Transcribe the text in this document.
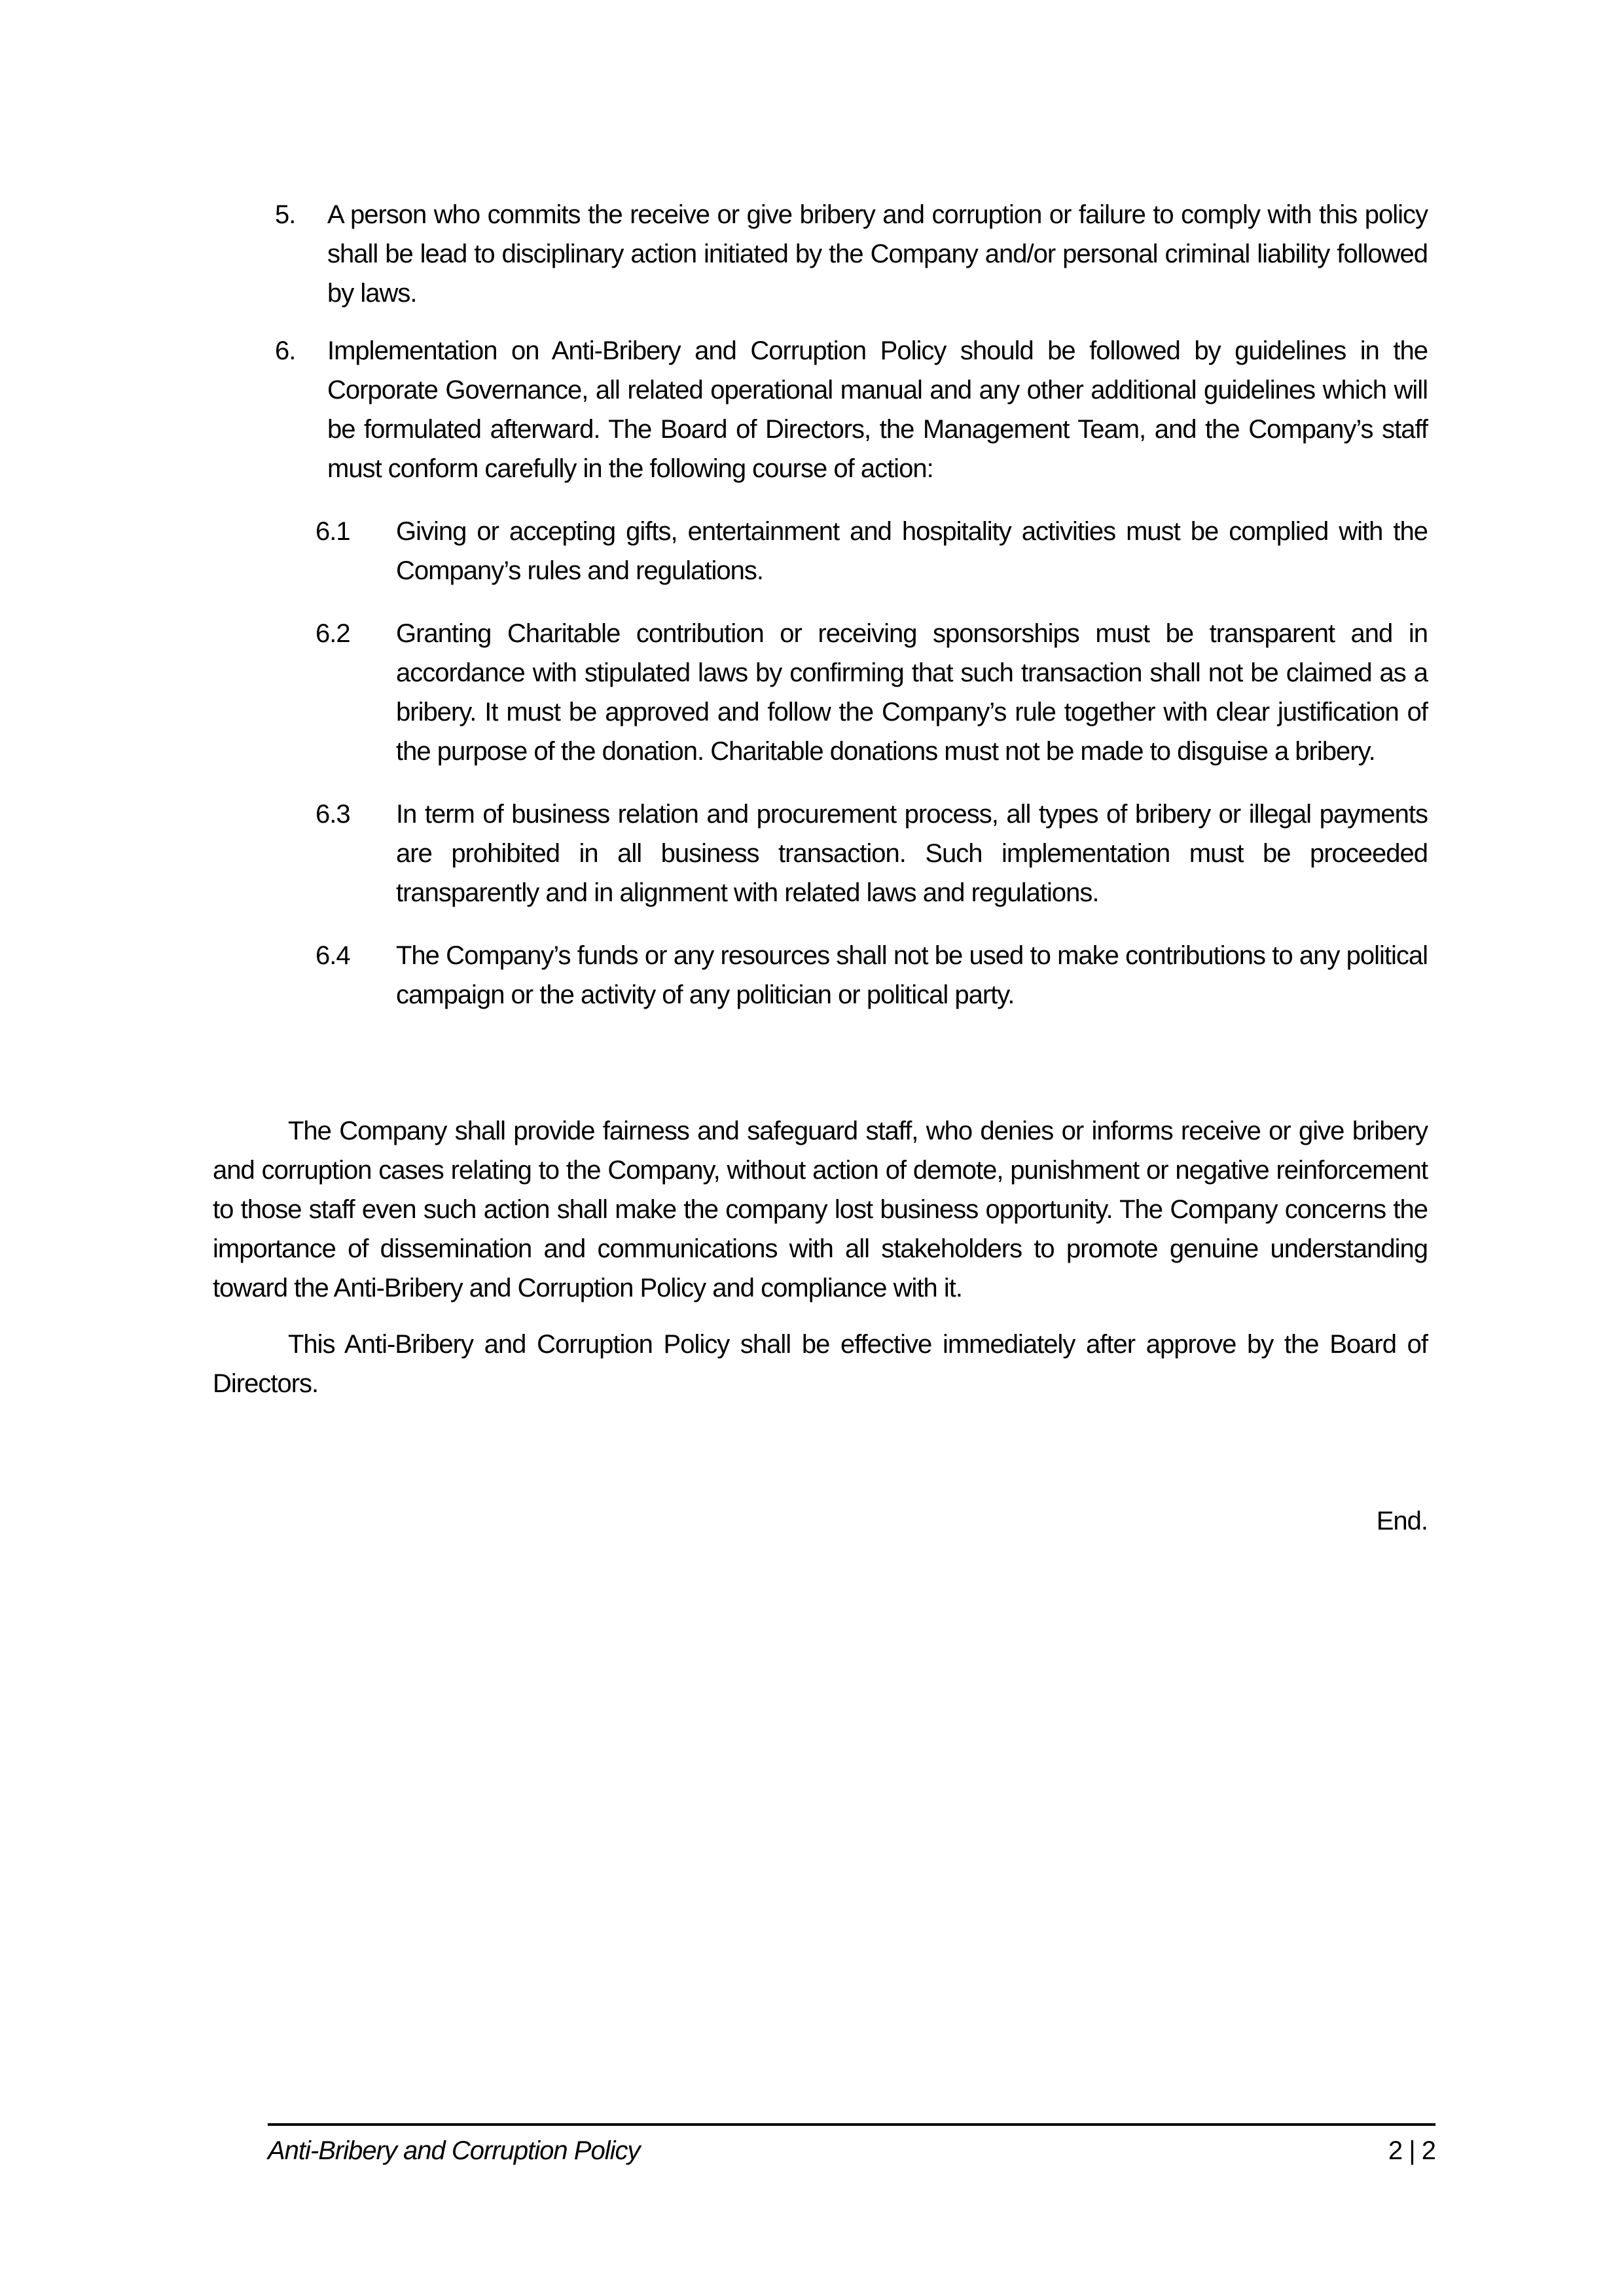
5. A person who commits the receive or give bribery and corruption or failure to comply with this policy shall be lead to disciplinary action initiated by the Company and/or personal criminal liability followed by laws.
6. Implementation on Anti-Bribery and Corruption Policy should be followed by guidelines in the Corporate Governance, all related operational manual and any other additional guidelines which will be formulated afterward. The Board of Directors, the Management Team, and the Company’s staff must conform carefully in the following course of action:
6.1 Giving or accepting gifts, entertainment and hospitality activities must be complied with the Company’s rules and regulations.
6.2 Granting Charitable contribution or receiving sponsorships must be transparent and in accordance with stipulated laws by confirming that such transaction shall not be claimed as a bribery. It must be approved and follow the Company’s rule together with clear justification of the purpose of the donation. Charitable donations must not be made to disguise a bribery.
6.3 In term of business relation and procurement process, all types of bribery or illegal payments are prohibited in all business transaction. Such implementation must be proceeded transparently and in alignment with related laws and regulations.
6.4 The Company’s funds or any resources shall not be used to make contributions to any political campaign or the activity of any politician or political party.

The Company shall provide fairness and safeguard staff, who denies or informs receive or give bribery and corruption cases relating to the Company, without action of demote, punishment or negative reinforcement to those staff even such action shall make the company lost business opportunity. The Company concerns the importance of dissemination and communications with all stakeholders to promote genuine understanding toward the Anti-Bribery and Corruption Policy and compliance with it.

This Anti-Bribery and Corruption Policy shall be effective immediately after approve by the Board of Directors.

End.
Anti-Bribery and Corruption Policy	2 | 2
